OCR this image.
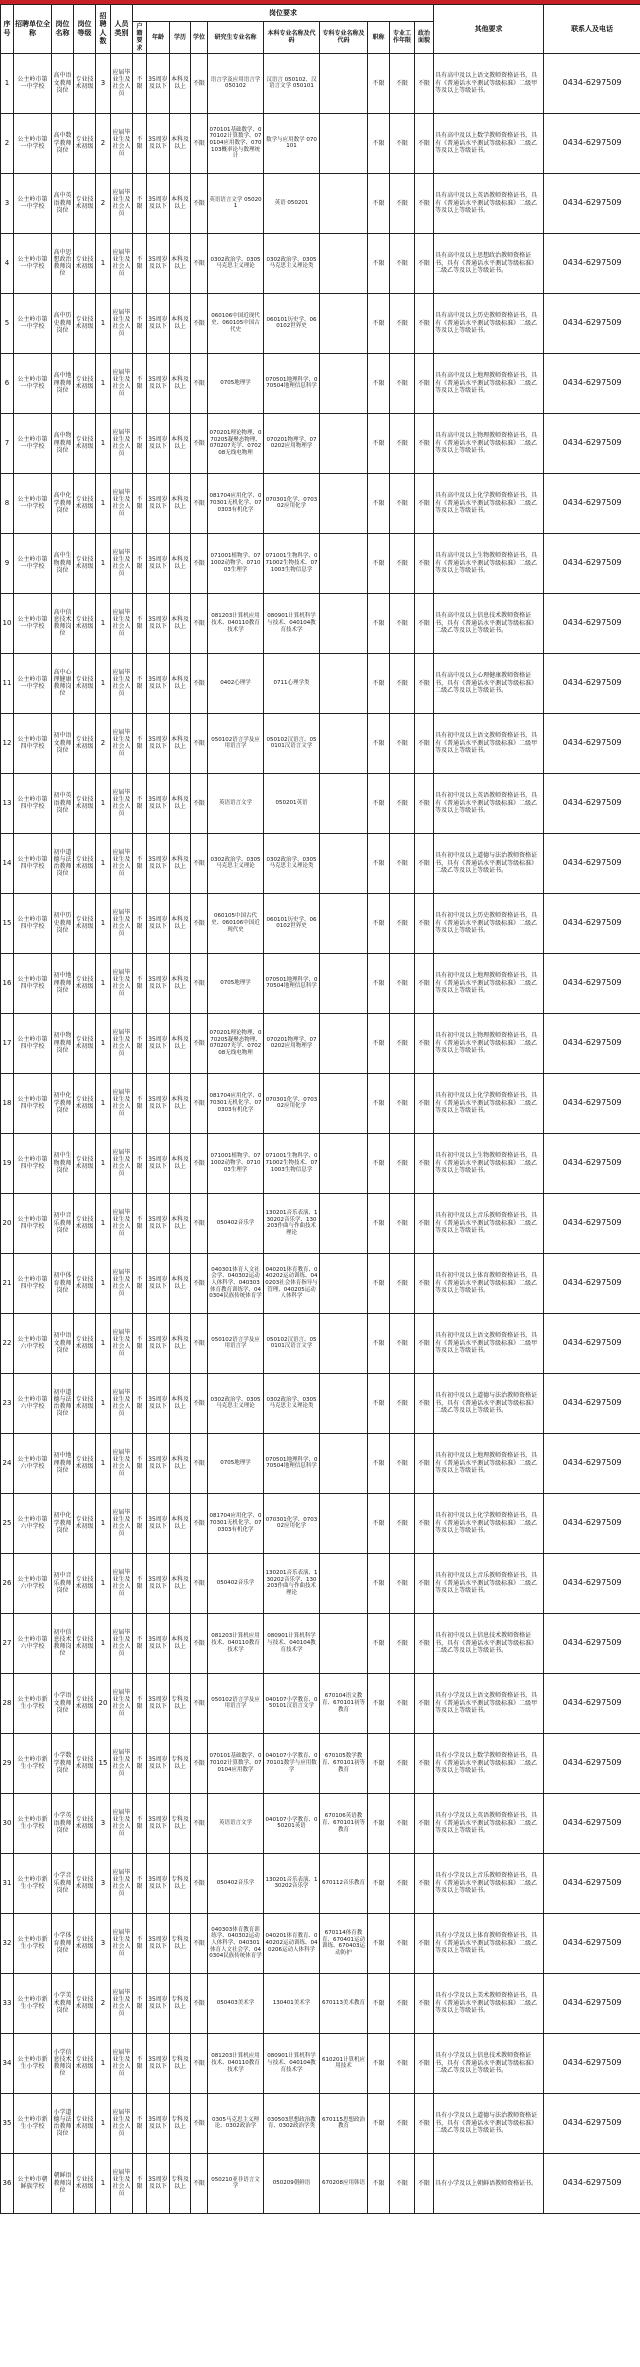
序号	招聘单位全称	岗位名称	岗位等级	招聘人数	人员类别	岗位要求										其他要求	联系人及电话
						户籍要求	年龄	学历	学位	研究生专业名称	本科专业名称及代码	专科专业名称及代码	职称	专业工作年限	政治面貌		
1	公主岭市第一中学校	高中语文教师岗位	专业技术初级	3	应届毕业生及社会人员	不限	35周岁及以下	本科及以上	不限	语言学及应用语言学 050102	汉语言 050102、汉语言文学 050101		不限	不限	不限	具有高中及以上语文教师资格证书，具有《普通话水平测试等级标准》二级甲等及以上等级证书。	0434-6297509
2	公主岭市第一中学校	高中数学教师岗位	专业技术初级	2	应届毕业生及社会人员	不限	35周岁及以下	本科及以上	不限	070101基础数学、070102计算数学、070104应用数学、070103概率论与数理统计	数学与应用数学 070101		不限	不限	不限	具有高中及以上数学教师资格证书，具有《普通话水平测试等级标准》二级乙等及以上等级证书。	0434-6297509
3	公主岭市第一中学校	高中英语教师岗位	专业技术初级	2	应届毕业生及社会人员	不限	35周岁及以下	本科及以上	不限	英语语言文学 050201	英语 050201		不限	不限	不限	具有高中及以上英语教师资格证书，具有《普通话水平测试等级标准》二级乙等及以上等级证书。	0434-6297509
4	公主岭市第一中学校	高中思想政治教师岗位	专业技术初级	1	应届毕业生及社会人员	不限	35周岁及以下	本科及以上	不限	0302政治学、0305马克思主义理论	0302政治学、0305马克思主义理论类		不限	不限	不限	具有高中及以上思想政治教师资格证书，具有《普通话水平测试等级标准》二级乙等及以上等级证书。	0434-6297509
5	公主岭市第一中学校	高中历史教师岗位	专业技术初级	1	应届毕业生及社会人员	不限	35周岁及以下	本科及以上	不限	060106中国近现代史、060105中国古代史	060101历史学、060102世界史		不限	不限	不限	具有高中及以上历史教师资格证书，具有《普通话水平测试等级标准》二级乙等及以上等级证书。	0434-6297509
6	公主岭市第一中学校	高中地理教师岗位	专业技术初级	1	应届毕业生及社会人员	不限	35周岁及以下	本科及以上	不限	0705地理学	070501地理科学、070504地理信息科学		不限	不限	不限	具有高中及以上地理教师资格证书，具有《普通话水平测试等级标准》二级乙等及以上等级证书。	0434-6297509
7	公主岭市第一中学校	高中物理教师岗位	专业技术初级	1	应届毕业生及社会人员	不限	35周岁及以下	本科及以上	不限	070201理论物理、070205凝聚态物理、070207光学、070208无线电物理	070201物理学、070202应用物理学		不限	不限	不限	具有高中及以上物理教师资格证书，具有《普通话水平测试等级标准》二级乙等及以上等级证书。	0434-6297509
8	公主岭市第一中学校	高中化学教师岗位	专业技术初级	1	应届毕业生及社会人员	不限	35周岁及以下	本科及以上	不限	081704应用化学、070301无机化学、070303有机化学	070301化学、070302应用化学		不限	不限	不限	具有高中及以上化学教师资格证书，具有《普通话水平测试等级标准》二级乙等及以上等级证书。	0434-6297509
9	公主岭市第一中学校	高中生物教师岗位	专业技术初级	1	应届毕业生及社会人员	不限	35周岁及以下	本科及以上	不限	071001植物学、071002动物学、071003生理学	071001生物科学、071002生物技术、071003生物信息学		不限	不限	不限	具有高中及以上生物教师资格证书，具有《普通话水平测试等级标准》二级乙等及以上等级证书。	0434-6297509
10	公主岭市第一中学校	高中信息技术教师岗位	专业技术初级	1	应届毕业生及社会人员	不限	35周岁及以下	本科及以上	不限	081203计算机应用技术、040110教育技术学	080901计算机科学与技术、040104教育技术学		不限	不限	不限	具有高中及以上信息技术教师资格证书，具有《普通话水平测试等级标准》二级乙等及以上等级证书。	0434-6297509
11	公主岭市第一中学校	高中心理健康教师岗位	专业技术初级	1	应届毕业生及社会人员	不限	35周岁及以下	本科及以上	不限	0402心理学	0711心理学类		不限	不限	不限	具有高中及以上心理健康教师资格证书，具有《普通话水平测试等级标准》二级乙等及以上等级证书。	0434-6297509
12	公主岭市第四中学校	初中语文教师岗位	专业技术初级	2	应届毕业生及社会人员	不限	35周岁及以下	本科及以上	不限	050102语言学及应用语言学	050102汉语言、050101汉语言文学		不限	不限	不限	具有初中及以上语文教师资格证书，具有《普通话水平测试等级标准》二级甲等及以上等级证书。	0434-6297509
13	公主岭市第四中学校	初中英语教师岗位	专业技术初级	1	应届毕业生及社会人员	不限	35周岁及以下	本科及以上	不限	英语语言文学	050201英语		不限	不限	不限	具有初中及以上英语教师资格证书，具有《普通话水平测试等级标准》二级乙等及以上等级证书。	0434-6297509
14	公主岭市第四中学校	初中道德与法治教师岗位	专业技术初级	1	应届毕业生及社会人员	不限	35周岁及以下	本科及以上	不限	0302政治学、0305马克思主义理论	0302政治学、0305马克思主义理论类		不限	不限	不限	具有初中及以上道德与法治教师资格证书，具有《普通话水平测试等级标准》二级乙等及以上等级证书。	0434-6297509
15	公主岭市第四中学校	初中历史教师岗位	专业技术初级	1	应届毕业生及社会人员	不限	35周岁及以下	本科及以上	不限	060105中国古代史、060106中国近现代史	060101历史学、060102世界史		不限	不限	不限	具有初中及以上历史教师资格证书，具有《普通话水平测试等级标准》二级乙等及以上等级证书。	0434-6297509
16	公主岭市第四中学校	初中地理教师岗位	专业技术初级	1	应届毕业生及社会人员	不限	35周岁及以下	本科及以上	不限	0705地理学	070501地理科学、070504地理信息科学		不限	不限	不限	具有初中及以上地理教师资格证书，具有《普通话水平测试等级标准》二级乙等及以上等级证书。	0434-6297509
17	公主岭市第四中学校	初中物理教师岗位	专业技术初级	1	应届毕业生及社会人员	不限	35周岁及以下	本科及以上	不限	070201理论物理、070205凝聚态物理、070207光学、070208无线电物理	070201物理学、070202应用物理学		不限	不限	不限	具有初中及以上物理教师资格证书，具有《普通话水平测试等级标准》二级乙等及以上等级证书。	0434-6297509
18	公主岭市第四中学校	初中化学教师岗位	专业技术初级	1	应届毕业生及社会人员	不限	35周岁及以下	本科及以上	不限	081704应用化学、070301无机化学、070303有机化学	070301化学、070302应用化学		不限	不限	不限	具有初中及以上化学教师资格证书，具有《普通话水平测试等级标准》二级乙等及以上等级证书。	0434-6297509
19	公主岭市第四中学校	初中生物教师岗位	专业技术初级	1	应届毕业生及社会人员	不限	35周岁及以下	本科及以上	不限	071001植物学、071002动物学、071003生理学	071001生物科学、071002生物技术、071003生物信息学		不限	不限	不限	具有初中及以上生物教师资格证书，具有《普通话水平测试等级标准》二级乙等及以上等级证书。	0434-6297509
20	公主岭市第四中学校	初中音乐教师岗位	专业技术初级	1	应届毕业生及社会人员	不限	35周岁及以下	本科及以上	不限	050402音乐学	130201音乐表演、130202音乐学、130203作曲与作曲技术理论		不限	不限	不限	具有初中及以上音乐教师资格证书，具有《普通话水平测试等级标准》二级乙等及以上等级证书。	0434-6297509
21	公主岭市第四中学校	初中体育教师岗位	专业技术初级	1	应届毕业生及社会人员	不限	35周岁及以下	本科及以上	不限	040301体育人文社会学、040302运动人体科学、040303体育教育训练学、040304民族传统体育学	040201体育教育、040202运动训练、040203社会体育指导与管理、040205运动人体科学		不限	不限	不限	具有初中及以上体育教师资格证书，具有《普通话水平测试等级标准》二级乙等及以上等级证书。	0434-6297509
22	公主岭市第六中学校	初中语文教师岗位	专业技术初级	1	应届毕业生及社会人员	不限	35周岁及以下	本科及以上	不限	050102语言学及应用语言学	050102汉语言、050101汉语言文学		不限	不限	不限	具有初中及以上语文教师资格证书，具有《普通话水平测试等级标准》二级甲等及以上等级证书。	0434-6297509
23	公主岭市第六中学校	初中道德与法治教师岗位	专业技术初级	1	应届毕业生及社会人员	不限	35周岁及以下	本科及以上	不限	0302政治学、0305马克思主义理论	0302政治学、0305马克思主义理论类		不限	不限	不限	具有初中及以上道德与法治教师资格证书，具有《普通话水平测试等级标准》二级乙等及以上等级证书。	0434-6297509
24	公主岭市第六中学校	初中地理教师岗位	专业技术初级	1	应届毕业生及社会人员	不限	35周岁及以下	本科及以上	不限	0705地理学	070501地理科学、070504地理信息科学		不限	不限	不限	具有初中及以上地理教师资格证书，具有《普通话水平测试等级标准》二级乙等及以上等级证书。	0434-6297509
25	公主岭市第六中学校	初中化学教师岗位	专业技术初级	1	应届毕业生及社会人员	不限	35周岁及以下	本科及以上	不限	081704应用化学、070301无机化学、070303有机化学	070301化学、070302应用化学		不限	不限	不限	具有初中及以上化学教师资格证书，具有《普通话水平测试等级标准》二级乙等及以上等级证书。	0434-6297509
26	公主岭市第六中学校	初中音乐教师岗位	专业技术初级	1	应届毕业生及社会人员	不限	35周岁及以下	本科及以上	不限	050402音乐学	130201音乐表演、130202音乐学、130203作曲与作曲技术理论		不限	不限	不限	具有初中及以上音乐教师资格证书，具有《普通话水平测试等级标准》二级乙等及以上等级证书。	0434-6297509
27	公主岭市第六中学校	初中信息技术教师岗位	专业技术初级	1	应届毕业生及社会人员	不限	35周岁及以下	本科及以上	不限	081203计算机应用技术、040110教育技术学	080901计算机科学与技术、040104教育技术学		不限	不限	不限	具有初中及以上信息技术教师资格证书，具有《普通话水平测试等级标准》二级乙等及以上等级证书。	0434-6297509
28	公主岭市新生小学校	小学语文教师岗位	专业技术初级	20	应届毕业生及社会人员	不限	35周岁及以下	专科及以上	不限	050102语言学及应用语言学	040107小学教育、050101汉语言文学	670104语文教育、670101初等教育	不限	不限	不限	具有小学及以上语文教师资格证书，具有《普通话水平测试等级标准》二级甲等及以上等级证书。	0434-6297509
29	公主岭市新生小学校	小学数学教师岗位	专业技术初级	15	应届毕业生及社会人员	不限	35周岁及以下	专科及以上	不限	070101基础数学、070102计算数学、070104应用数学	040107小学教育、070101数学与应用数学	670105数学教育、670101初等教育	不限	不限	不限	具有小学及以上数学教师资格证书，具有《普通话水平测试等级标准》二级乙等及以上等级证书。	0434-6297509
30	公主岭市新生小学校	小学英语教师岗位	专业技术初级	3	应届毕业生及社会人员	不限	35周岁及以下	专科及以上	不限	英语语言文学	040107小学教育、050201英语	670106英语教育、670101初等教育	不限	不限	不限	具有小学及以上英语教师资格证书，具有《普通话水平测试等级标准》二级乙等及以上等级证书。	0434-6297509
31	公主岭市新生小学校	小学音乐教师岗位	专业技术初级	3	应届毕业生及社会人员	不限	35周岁及以下	专科及以上	不限	050402音乐学	130201音乐表演、130202音乐学	670112音乐教育	不限	不限	不限	具有小学及以上音乐教师资格证书，具有《普通话水平测试等级标准》二级乙等及以上等级证书。	0434-6297509
32	公主岭市新生小学校	小学体育教师岗位	专业技术初级	3	应届毕业生及社会人员	不限	35周岁及以下	专科及以上	不限	040303体育教育训练学、040302运动人体科学、040301体育人文社会学、040304民族传统体育学	040201体育教育、040202运动训练、040206运动人体科学	670114体育教育、670401运动训练、670403运动防护	不限	不限	不限	具有小学及以上体育教师资格证书，具有《普通话水平测试等级标准》二级乙等及以上等级证书。	0434-6297509
33	公主岭市新生小学校	小学美术教师岗位	专业技术初级	2	应届毕业生及社会人员	不限	35周岁及以下	专科及以上	不限	050403美术学	130401美术学	670113美术教育	不限	不限	不限	具有小学及以上美术教师资格证书，具有《普通话水平测试等级标准》二级乙等及以上等级证书。	0434-6297509
34	公主岭市新生小学校	小学信息技术教师岗位	专业技术初级	1	应届毕业生及社会人员	不限	35周岁及以下	专科及以上	不限	081203计算机应用技术、040110教育技术学	080901计算机科学与技术、040104教育技术学	610201计算机应用技术	不限	不限	不限	具有小学及以上信息技术教师资格证书，具有《普通话水平测试等级标准》二级乙等及以上等级证书。	0434-6297509
35	公主岭市新生小学校	小学道德与法治教师岗位	专业技术初级	1	应届毕业生及社会人员	不限	35周岁及以下	专科及以上	不限	0305马克思主义理论、0302政治学	030503思想政治教育、0302政治学类	670115思想政治教育	不限	不限	不限	具有小学及以上道德与法治教师资格证书，具有《普通话水平测试等级标准》二级乙等及以上等级证书。	0434-6297509
36	公主岭市朝鲜族学校	朝鲜语教师岗位	专业技术初级	1	应届毕业生及社会人员	不限	35周岁及以下	专科及以上	不限	050210亚非语言文学	050209朝鲜语	670208应用韩语	不限	不限	不限	具有小学及以上朝鲜语教师资格证书。	0434-6297509
